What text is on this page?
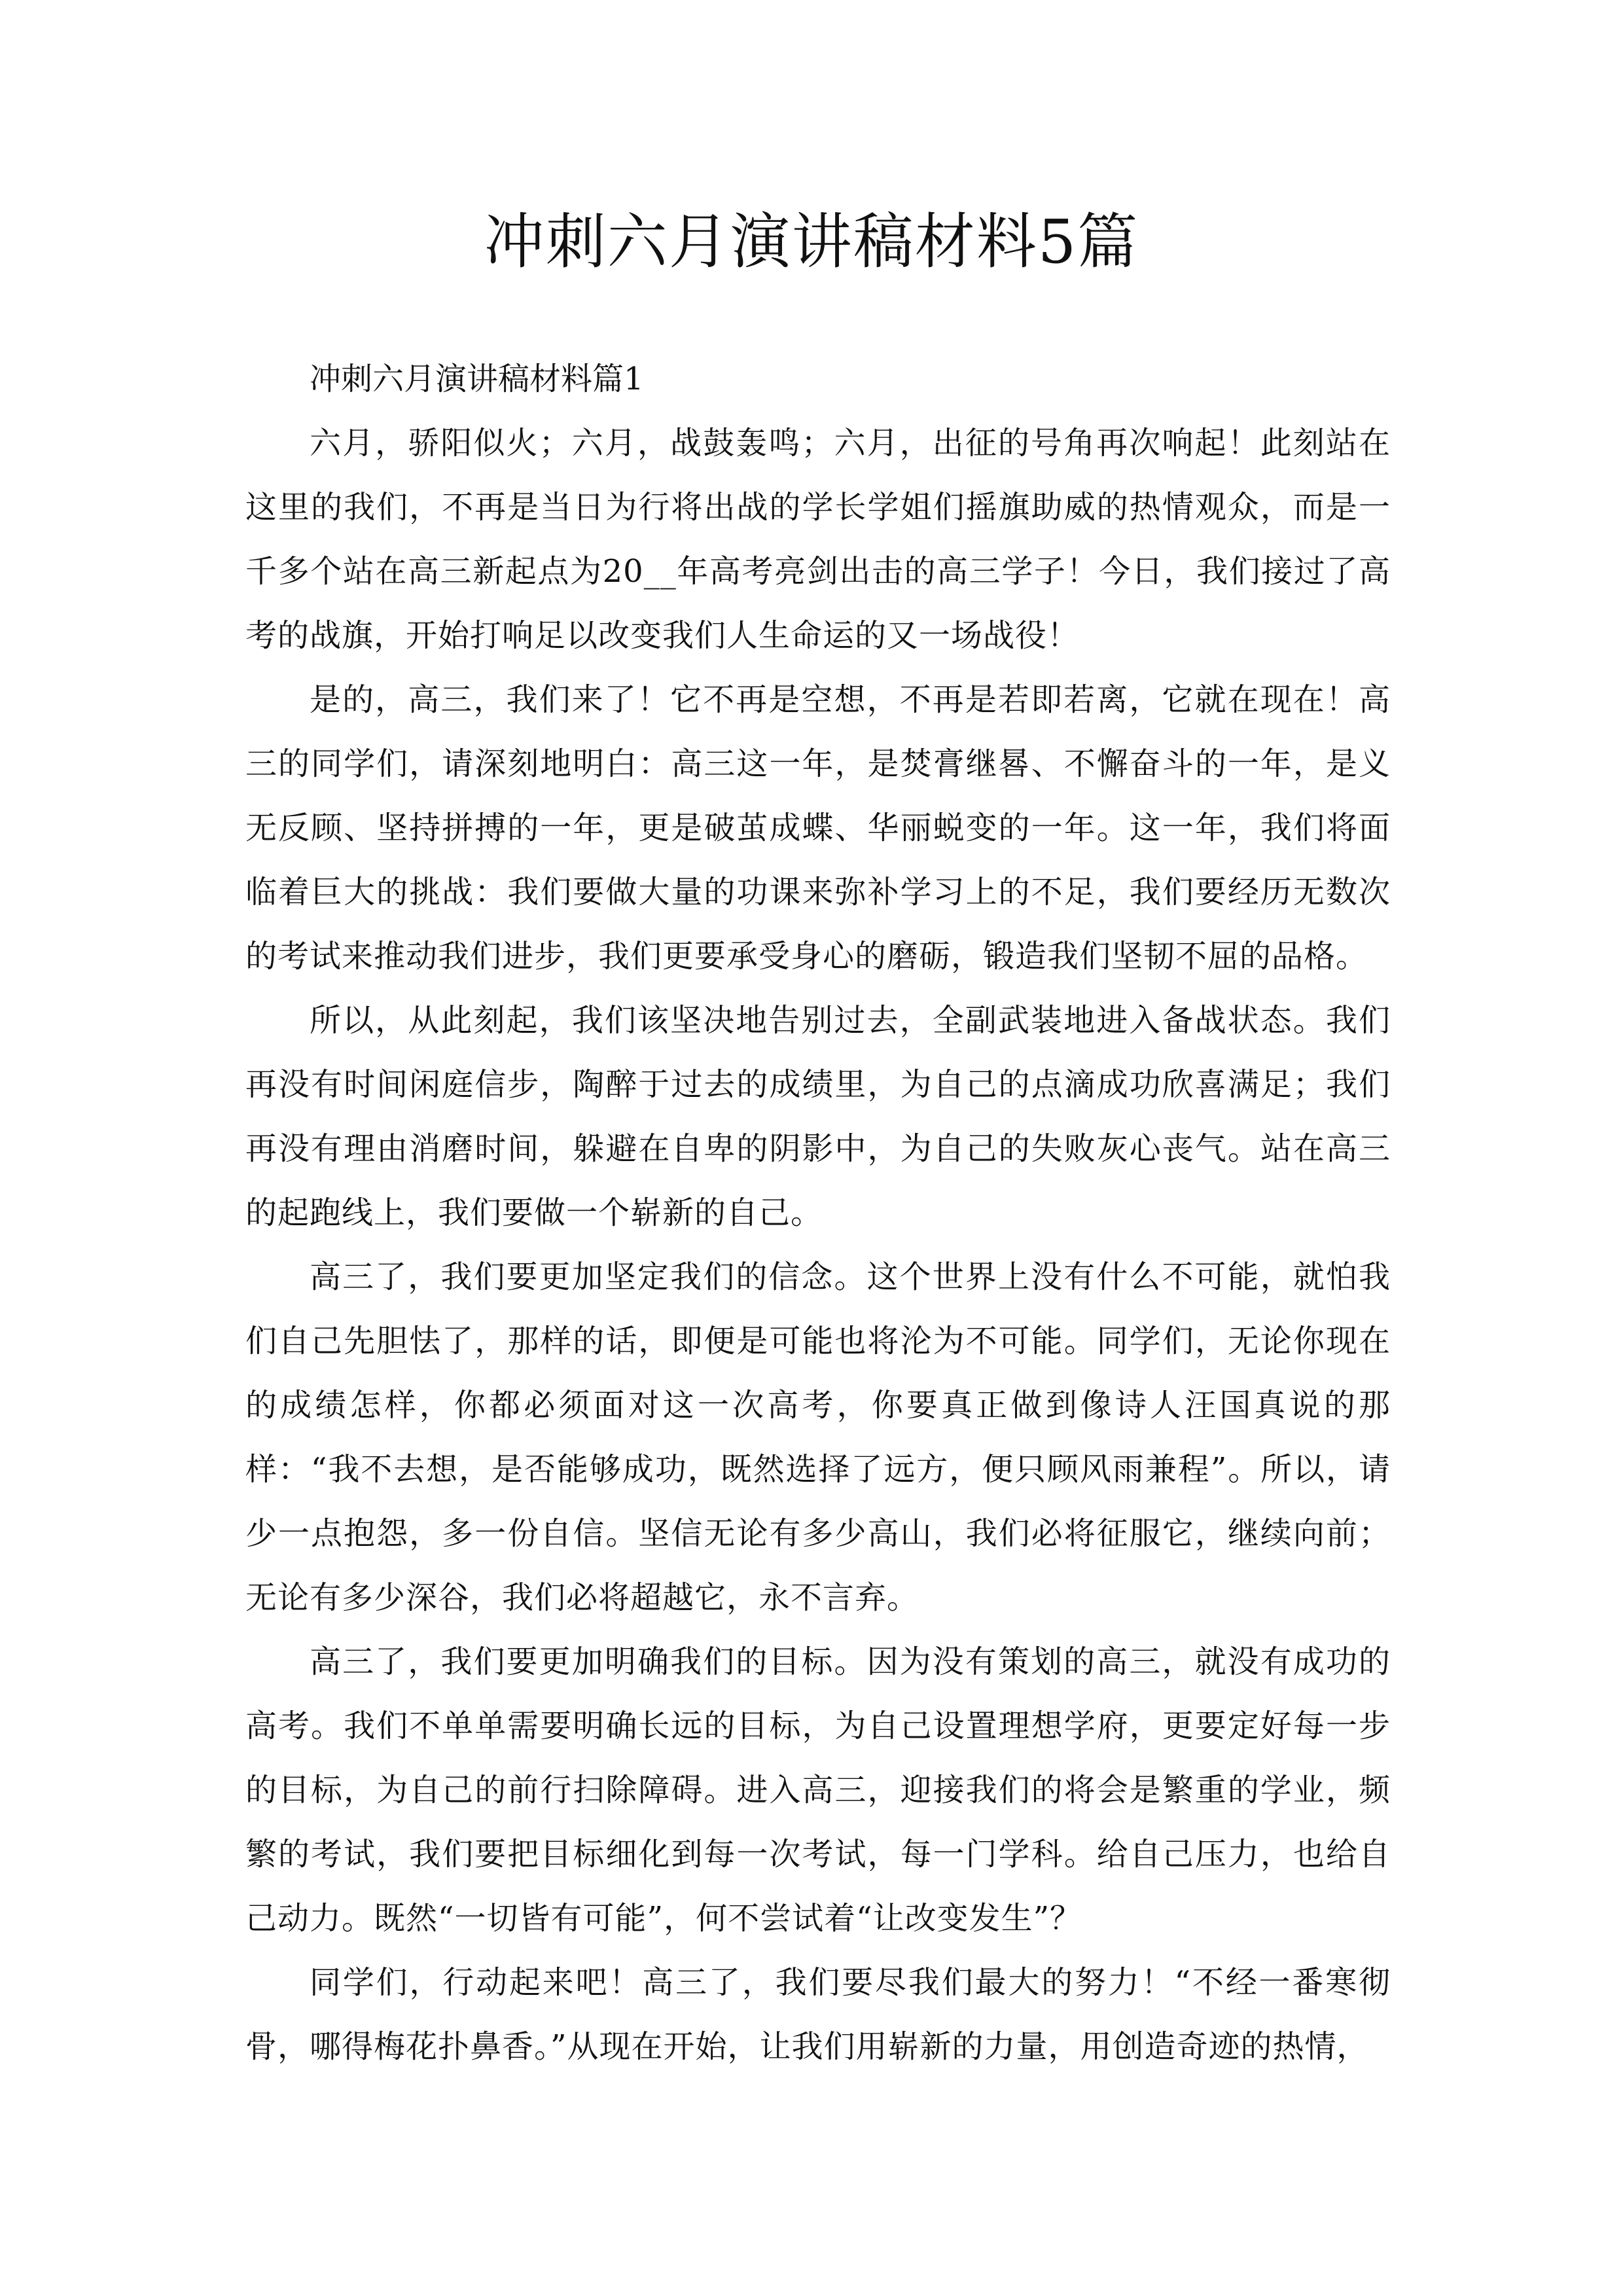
冲刺六月演讲稿材料5篇

冲刺六月演讲稿材料篇1

六月，骄阳似火；六月，战鼓轰鸣；六月，出征的号角再次响起！此刻站在这里的我们，不再是当日为行将出战的学长学姐们摇旗助威的热情观众，而是一千多个站在高三新起点为20__年高考亮剑出击的高三学子！今日，我们接过了高考的战旗，开始打响足以改变我们人生命运的又一场战役！

是的，高三，我们来了！它不再是空想，不再是若即若离，它就在现在！高三的同学们，请深刻地明白：高三这一年，是焚膏继晷、不懈奋斗的一年，是义无反顾、坚持拼搏的一年，更是破茧成蝶、华丽蜕变的一年。这一年，我们将面临着巨大的挑战：我们要做大量的功课来弥补学习上的不足，我们要经历无数次的考试来推动我们进步，我们更要承受身心的磨砺，锻造我们坚韧不屈的品格。

所以，从此刻起，我们该坚决地告别过去，全副武装地进入备战状态。我们再没有时间闲庭信步，陶醉于过去的成绩里，为自己的点滴成功欣喜满足；我们再没有理由消磨时间，躲避在自卑的阴影中，为自己的失败灰心丧气。站在高三的起跑线上，我们要做一个崭新的自己。

高三了，我们要更加坚定我们的信念。这个世界上没有什么不可能，就怕我们自己先胆怯了，那样的话，即便是可能也将沦为不可能。同学们，无论你现在的成绩怎样，你都必须面对这一次高考，你要真正做到像诗人汪国真说的那样：“我不去想，是否能够成功，既然选择了远方，便只顾风雨兼程”。所以，请少一点抱怨，多一份自信。坚信无论有多少高山，我们必将征服它，继续向前；无论有多少深谷，我们必将超越它，永不言弃。

高三了，我们要更加明确我们的目标。因为没有策划的高三，就没有成功的高考。我们不单单需要明确长远的目标，为自己设置理想学府，更要定好每一步的目标，为自己的前行扫除障碍。进入高三，迎接我们的将会是繁重的学业，频繁的考试，我们要把目标细化到每一次考试，每一门学科。给自己压力，也给自己动力。既然“一切皆有可能”，何不尝试着“让改变发生”？

同学们，行动起来吧！高三了，我们要尽我们最大的努力！“不经一番寒彻骨，哪得梅花扑鼻香。”从现在开始，让我们用崭新的力量，用创造奇迹的热情，
